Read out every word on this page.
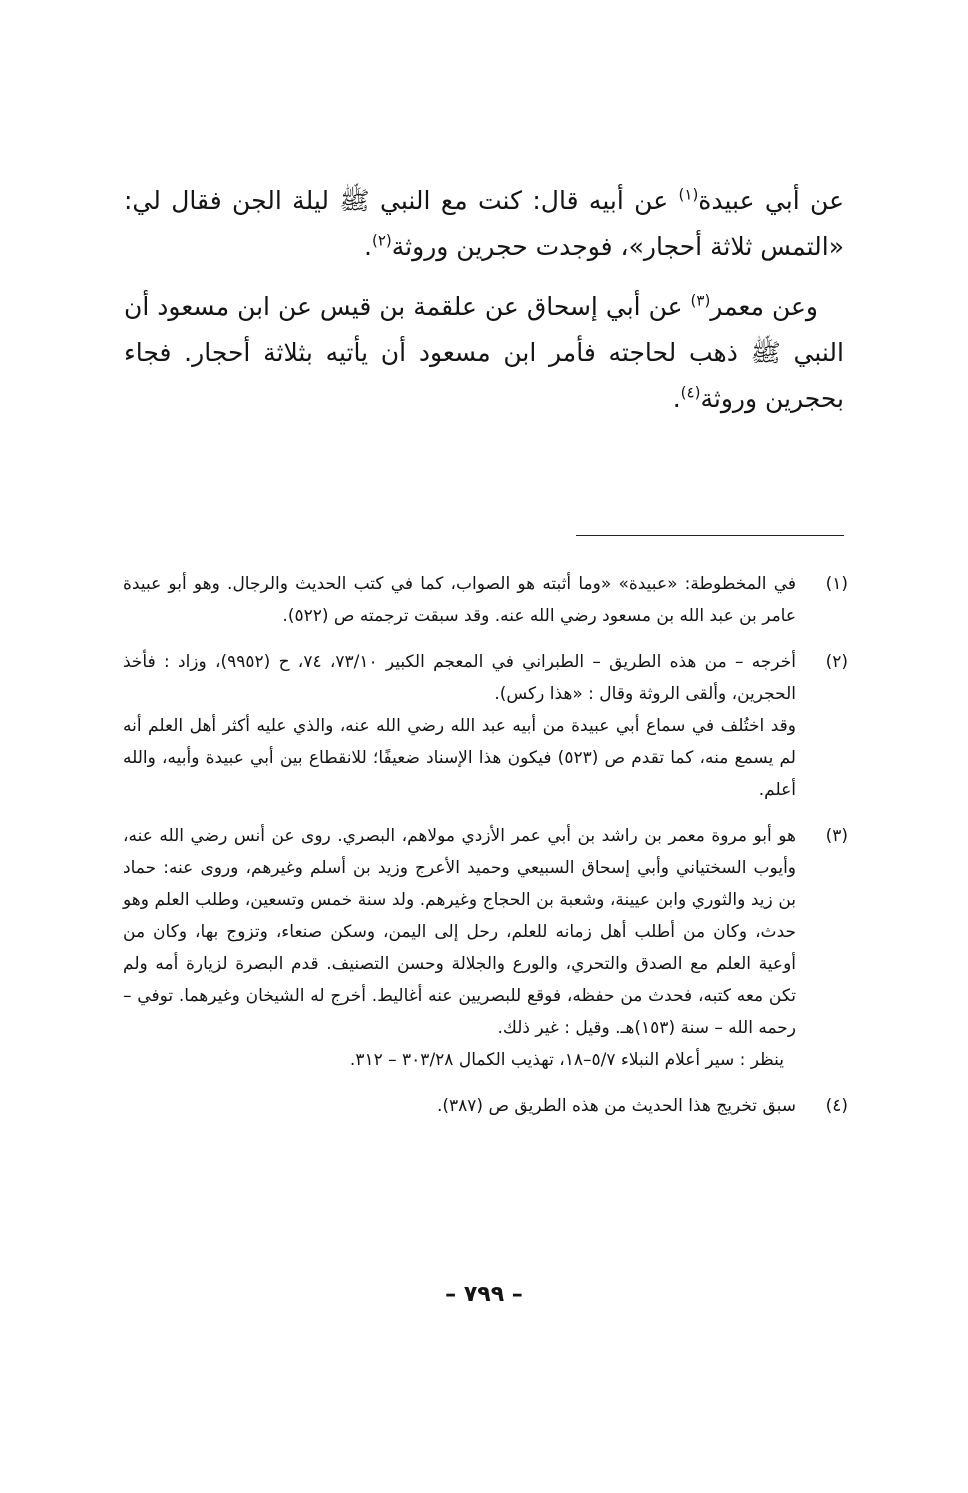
عن أبي عبيدة$^{(١)}$ عن أبيه قال: كنت مع النبي ﷺ ليلة الجن فقال لي: «التمس ثلاثة أحجار»، فوجدت حجرين وروثة$^{(٢)}$.

وعن معمر$^{(٣)}$ عن أبي إسحاق عن علقمة بن قيس عن ابن مسعود أن النبي ﷺ ذهب لحاجته فأمر ابن مسعود أن يأتيه بثلاثة أحجار. فجاء بحجرين وروثة$^{(٤)}$.

(١)

في المخطوطة: «عبيدة» «وما أثبته هو الصواب، كما في كتب الحديث والرجال. وهو أبو عبيدة عامر بن عبد الله بن مسعود رضي الله عنه. وقد سبقت ترجمته ص (٥٢٢).

(٢)

أخرجه – من هذه الطريق – الطبراني في المعجم الكبير ٧٣/١٠، ٧٤، ح (٩٩٥٢)، وزاد : فأخذ الحجرين، وألقى الروثة وقال : «هذا ركس).

وقد اختُلف في سماع أبي عبيدة من أبيه عبد الله رضي الله عنه، والذي عليه أكثر أهل العلم أنه لم يسمع منه، كما تقدم ص (٥٢٣) فيكون هذا الإسناد ضعيفًا؛ للانقطاع بين أبي عبيدة وأبيه، والله أعلم.

(٣)

هو أبو مروة معمر بن راشد بن أبي عمر الأزدي مولاهم، البصري. روى عن أنس رضي الله عنه، وأيوب السختياني وأبي إسحاق السبيعي وحميد الأعرج وزيد بن أسلم وغيرهم، وروى عنه: حماد بن زيد والثوري وابن عيينة، وشعبة بن الحجاج وغيرهم. ولد سنة خمس وتسعين، وطلب العلم وهو حدث، وكان من أطلب أهل زمانه للعلم، رحل إلى اليمن، وسكن صنعاء، وتزوج بها، وكان من أوعية العلم مع الصدق والتحري، والورع والجلالة وحسن التصنيف. قدم البصرة لزيارة أمه ولم تكن معه كتبه، فحدث من حفظه، فوقع للبصريين عنه أغاليط. أخرج له الشيخان وغيرهما. توفي – رحمه الله – سنة (١٥٣)هـ. وقيل : غير ذلك.

ينظر : سير أعلام النبلاء ٥/٧–١٨، تهذيب الكمال ٣٠٣/٢٨ – ٣١٢.

(٤)

سبق تخريج هذا الحديث من هذه الطريق ص (٣٨٧).

– ٧٩٩ –
